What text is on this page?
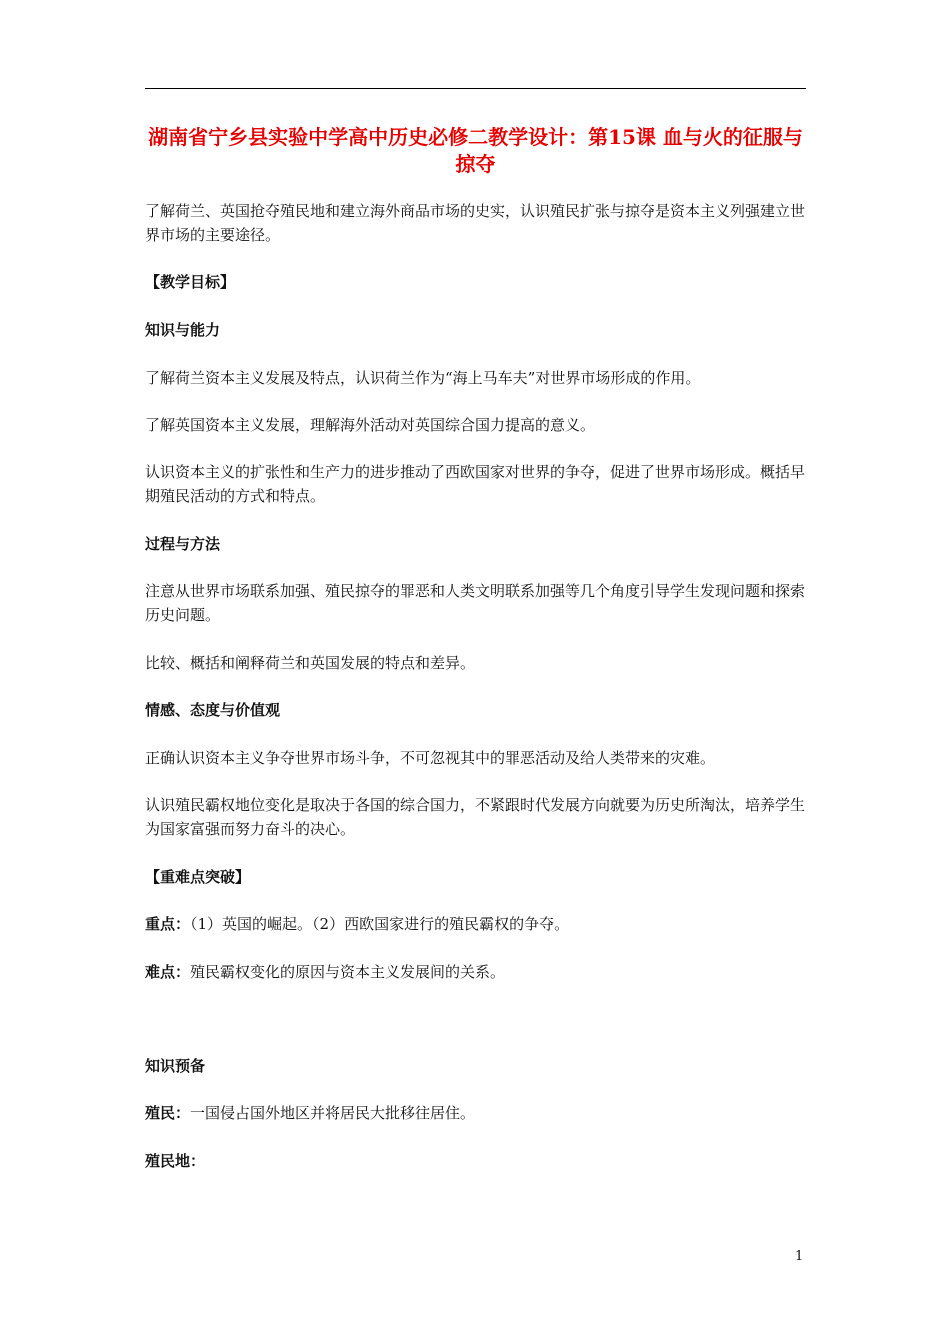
湖南省宁乡县实验中学高中历史必修二教学设计：第15课 血与火的征服与掠夺
了解荷兰、英国抢夺殖民地和建立海外商品市场的史实，认识殖民扩张与掠夺是资本主义列强建立世界市场的主要途径。
【教学目标】
知识与能力
了解荷兰资本主义发展及特点，认识荷兰作为“海上马车夫”对世界市场形成的作用。
了解英国资本主义发展，理解海外活动对英国综合国力提高的意义。
认识资本主义的扩张性和生产力的进步推动了西欧国家对世界的争夺，促进了世界市场形成。概括早期殖民活动的方式和特点。
过程与方法
注意从世界市场联系加强、殖民掠夺的罪恶和人类文明联系加强等几个角度引导学生发现问题和探索历史问题。
比较、概括和阐释荷兰和英国发展的特点和差异。
情感、态度与价值观
正确认识资本主义争夺世界市场斗争，不可忽视其中的罪恶活动及给人类带来的灾难。
认识殖民霸权地位变化是取决于各国的综合国力，不紧跟时代发展方向就要为历史所淘汰，培养学生为国家富强而努力奋斗的决心。
【重难点突破】
重点：（1）英国的崛起。（2）西欧国家进行的殖民霸权的争夺。
难点：殖民霸权变化的原因与资本主义发展间的关系。
知识预备
殖民：一国侵占国外地区并将居民大批移往居住。
殖民地：
1
